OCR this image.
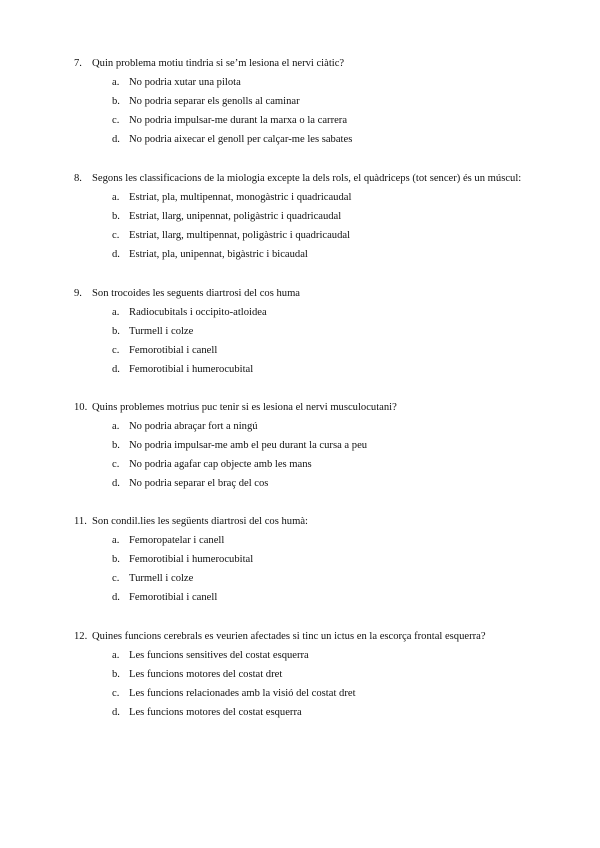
7. Quin problema motiu tindria si se’m lesiona el nervi ciàtic?
a. No podria xutar una pilota
b. No podria separar els genolls al caminar
c. No podria impulsar-me durant la marxa o la carrera
d. No podria aixecar el genoll per calçar-me les sabates
8. Segons les classificacions de la miologia excepte la dels rols, el quàdriceps (tot sencer) és un múscul:
a. Estriat, pla, multipennat, monogàstric i quadricaudal
b. Estriat, llarg, unipennat, poligàstric i quadricaudal
c. Estriat, llarg, multipennat, poligàstric i quadricaudal
d. Estriat, pla, unipennat, bigàstric i bicaudal
9. Son trocoides les seguents diartrosi del cos huma
a. Radiocubitals i occipito-atloidea
b. Turmell i colze
c. Femorotibial i canell
d. Femorotibial i humerocubital
10. Quins problemes motrius puc tenir si es lesiona el nervi musculocutani?
a. No podria abraçar fort a ningú
b. No podria impulsar-me amb el peu durant la cursa a peu
c. No podria agafar cap objecte amb les mans
d. No podria separar el braç del cos
11. Son condil.lies les següents diartrosi del cos humà:
a. Femoropatelar i canell
b. Femorotibial i humerocubital
c. Turmell i colze
d. Femorotibial i canell
12. Quines funcions cerebrals es veurien afectades si tinc un ictus en la escorça frontal esquerra?
a. Les funcions sensitives del costat esquerra
b. Les funcions motores del costat dret
c. Les funcions relacionades amb la visió del costat dret
d. Les funcions motores del costat esquerra
